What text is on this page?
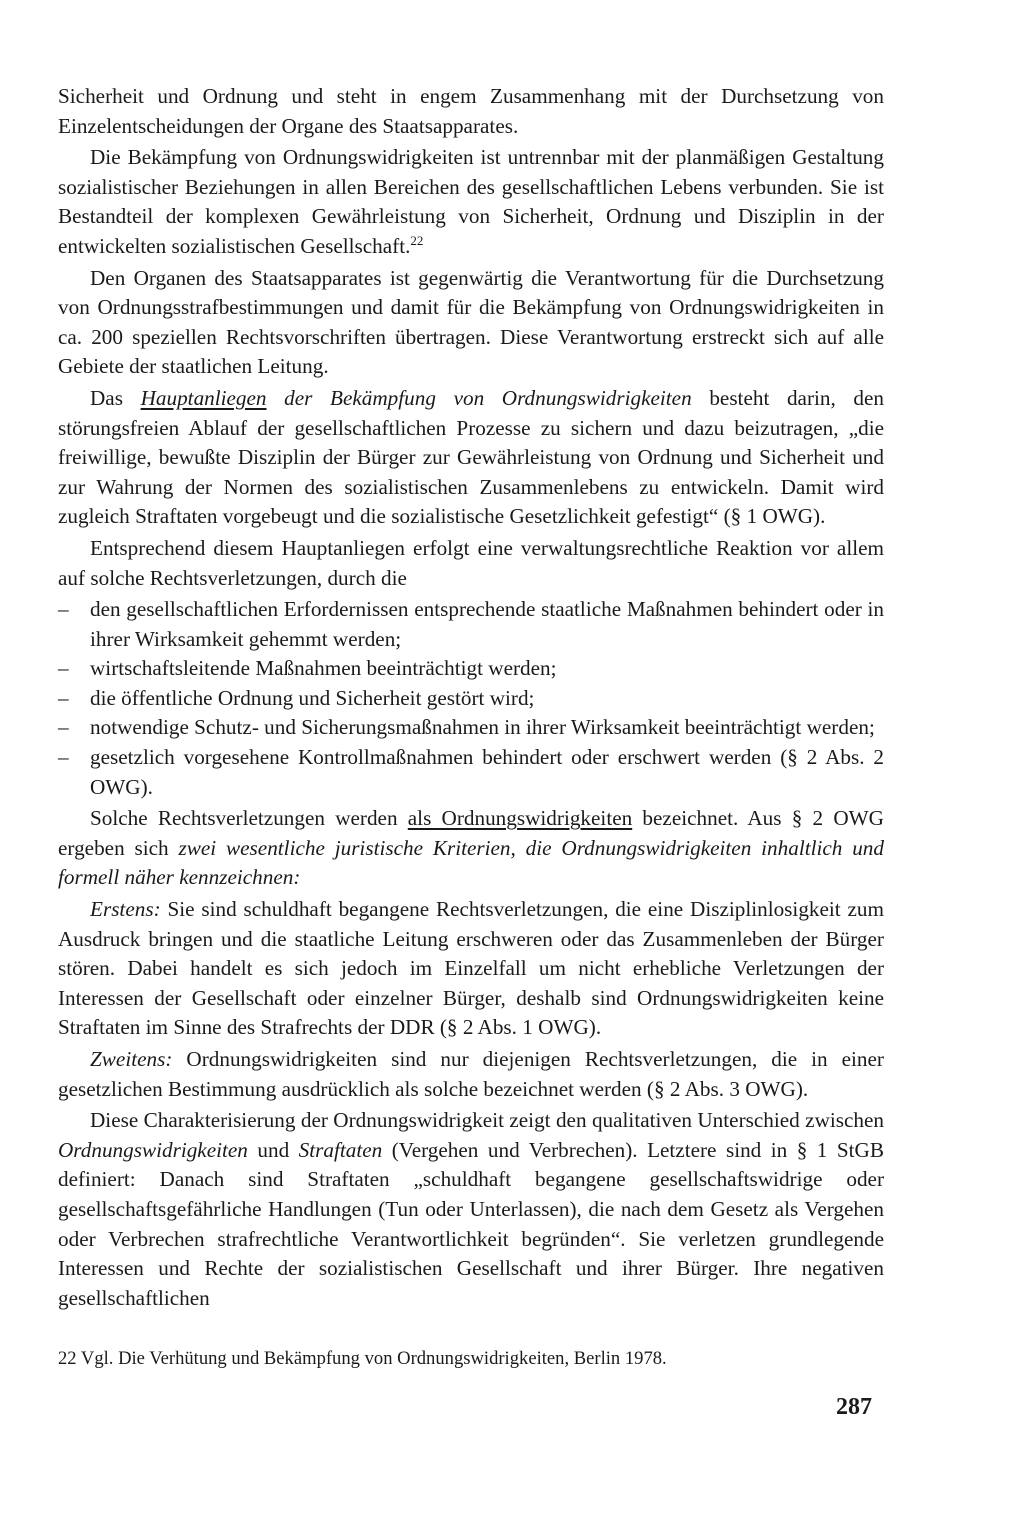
Sicherheit und Ordnung und steht in engem Zusammenhang mit der Durchsetzung von Einzelentscheidungen der Organe des Staatsapparates.

Die Bekämpfung von Ordnungswidrigkeiten ist untrennbar mit der planmäßigen Gestaltung sozialistischer Beziehungen in allen Bereichen des gesellschaftlichen Lebens verbunden. Sie ist Bestandteil der komplexen Gewährleistung von Sicherheit, Ordnung und Disziplin in der entwickelten sozialistischen Gesellschaft.$^{22}$

Den Organen des Staatsapparates ist gegenwärtig die Verantwortung für die Durchsetzung von Ordnungsstrafbestimmungen und damit für die Bekämpfung von Ordnungswidrigkeiten in ca. 200 speziellen Rechtsvorschriften übertragen. Diese Verantwortung erstreckt sich auf alle Gebiete der staatlichen Leitung.

Das Hauptanliegen der Bekämpfung von Ordnungswidrigkeiten besteht darin, den störungsfreien Ablauf der gesellschaftlichen Prozesse zu sichern und dazu beizutragen, „die freiwillige, bewußte Disziplin der Bürger zur Gewährleistung von Ordnung und Sicherheit und zur Wahrung der Normen des sozialistischen Zusammenlebens zu entwickeln. Damit wird zugleich Straftaten vorgebeugt und die sozialistische Gesetzlichkeit gefestigt“ (§ 1 OWG).

Entsprechend diesem Hauptanliegen erfolgt eine verwaltungsrechtliche Reaktion vor allem auf solche Rechtsverletzungen, durch die

– den gesellschaftlichen Erfordernissen entsprechende staatliche Maßnahmen behindert oder in ihrer Wirksamkeit gehemmt werden;
– wirtschaftsleitende Maßnahmen beeinträchtigt werden;
– die öffentliche Ordnung und Sicherheit gestört wird;
– notwendige Schutz- und Sicherungsmaßnahmen in ihrer Wirksamkeit beeinträchtigt werden;
– gesetzlich vorgesehene Kontrollmaßnahmen behindert oder erschwert werden (§ 2 Abs. 2 OWG).

Solche Rechtsverletzungen werden als Ordnungswidrigkeiten bezeichnet. Aus § 2 OWG ergeben sich zwei wesentliche juristische Kriterien, die Ordnungswidrigkeiten inhaltlich und formell näher kennzeichnen:

Erstens: Sie sind schuldhaft begangene Rechtsverletzungen, die eine Disziplinlosigkeit zum Ausdruck bringen und die staatliche Leitung erschweren oder das Zusammenleben der Bürger stören. Dabei handelt es sich jedoch im Einzelfall um nicht erhebliche Verletzungen der Interessen der Gesellschaft oder einzelner Bürger, deshalb sind Ordnungswidrigkeiten keine Straftaten im Sinne des Strafrechts der DDR (§ 2 Abs. 1 OWG).

Zweitens: Ordnungswidrigkeiten sind nur diejenigen Rechtsverletzungen, die in einer gesetzlichen Bestimmung ausdrücklich als solche bezeichnet werden (§ 2 Abs. 3 OWG).

Diese Charakterisierung der Ordnungswidrigkeit zeigt den qualitativen Unterschied zwischen Ordnungswidrigkeiten und Straftaten (Vergehen und Verbrechen). Letztere sind in § 1 StGB definiert: Danach sind Straftaten „schuldhaft begangene gesellschaftswidrige oder gesellschaftsgefährliche Handlungen (Tun oder Unterlassen), die nach dem Gesetz als Vergehen oder Verbrechen strafrechtliche Verantwortlichkeit begründen“. Sie verletzen grundlegende Interessen und Rechte der sozialistischen Gesellschaft und ihrer Bürger. Ihre negativen gesellschaftlichen

22 Vgl. Die Verhütung und Bekämpfung von Ordnungswidrigkeiten, Berlin 1978.
287
